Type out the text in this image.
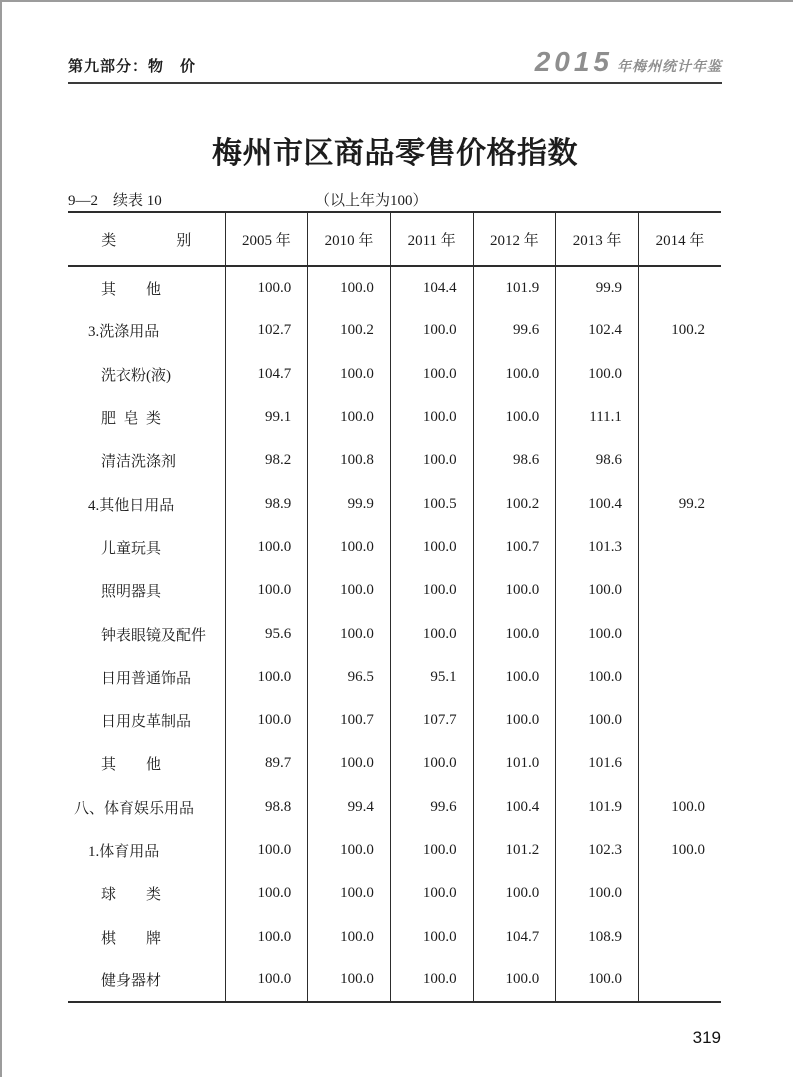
第九部分：物　价	2015 年梅州统计年鉴
梅州市区商品零售价格指数
9—2　续表 10	（以上年为100）
类　　　　别	2005 年	2010 年	2011 年	2012 年	2013 年	2014 年
其　　他	100.0	100.0	104.4	101.9	99.9	
3.洗涤用品	102.7	100.2	100.0	99.6	102.4	100.2
洗衣粉(液)	104.7	100.0	100.0	100.0	100.0	
肥  皂  类	99.1	100.0	100.0	100.0	111.1	
清洁洗涤剂	98.2	100.8	100.0	98.6	98.6	
4.其他日用品	98.9	99.9	100.5	100.2	100.4	99.2
儿童玩具	100.0	100.0	100.0	100.7	101.3	
照明器具	100.0	100.0	100.0	100.0	100.0	
钟表眼镜及配件	95.6	100.0	100.0	100.0	100.0	
日用普通饰品	100.0	96.5	95.1	100.0	100.0	
日用皮革制品	100.0	100.7	107.7	100.0	100.0	
其　　他	89.7	100.0	100.0	101.0	101.6	
八、体育娱乐用品	98.8	99.4	99.6	100.4	101.9	100.0
1.体育用品	100.0	100.0	100.0	101.2	102.3	100.0
球　　类	100.0	100.0	100.0	100.0	100.0	
棋　　牌	100.0	100.0	100.0	104.7	108.9	
健身器材	100.0	100.0	100.0	100.0	100.0	
319
